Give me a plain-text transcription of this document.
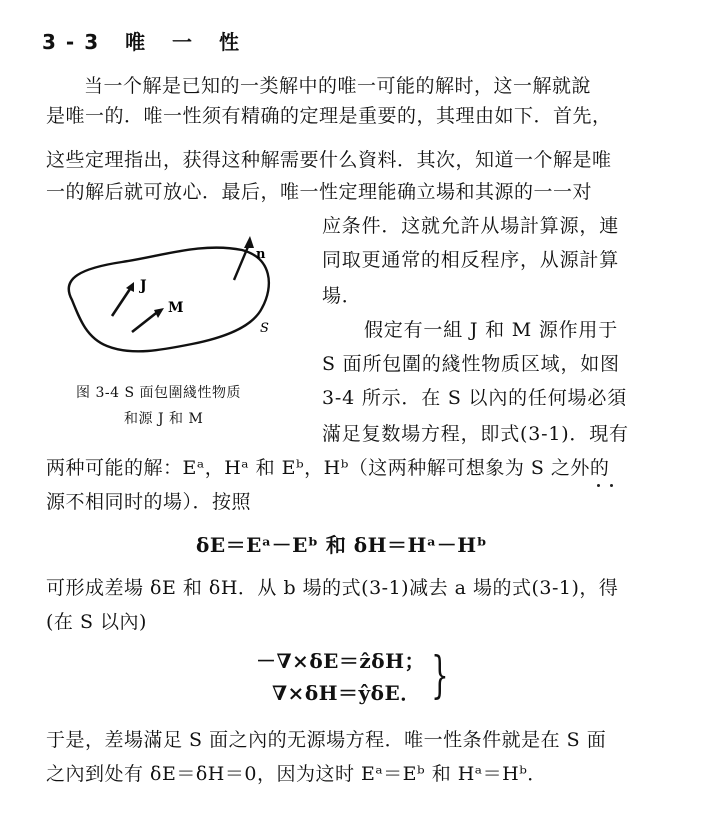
3-3 唯 一 性
当一个解是已知的一类解中的唯一可能的解时，这一解就說
是唯一的．唯一性须有精确的定理是重要的，其理由如下．首先，
这些定理指出，获得这种解需要什么資料．其次，知道一个解是唯
一的解后就可放心．最后，唯一性定理能确立場和其源的一一对
应条件．这就允許从場計算源，連
同取更通常的相反程序，从源計算
場．
n
J
M
S
图 3-4 S 面包圍綫性物质
和源 J 和 M
假定有一組 J 和 M 源作用于
S 面所包圍的綫性物质区域，如图
3-4 所示．在 S 以內的任何場必須
滿足复数場方程，即式(3-1)．現有
两种可能的解：Eᵃ，Hᵃ 和 Eᵇ，Hᵇ（这两种解可想象为 S 之外的
源不相同时的場）．按照
δE＝Eᵃ－Eᵇ 和 δH＝Hᵃ－Hᵇ
可形成差場 δE 和 δH．从 b 場的式(3-1)减去 a 場的式(3-1)，得
(在 S 以內)
－∇×δE＝ẑδH；
∇×δH＝ŷδE． }
于是，差場滿足 S 面之內的无源場方程．唯一性条件就是在 S 面
之內到处有 δE＝δH＝0，因为这时 Eᵃ＝Eᵇ 和 Hᵃ＝Hᵇ．
